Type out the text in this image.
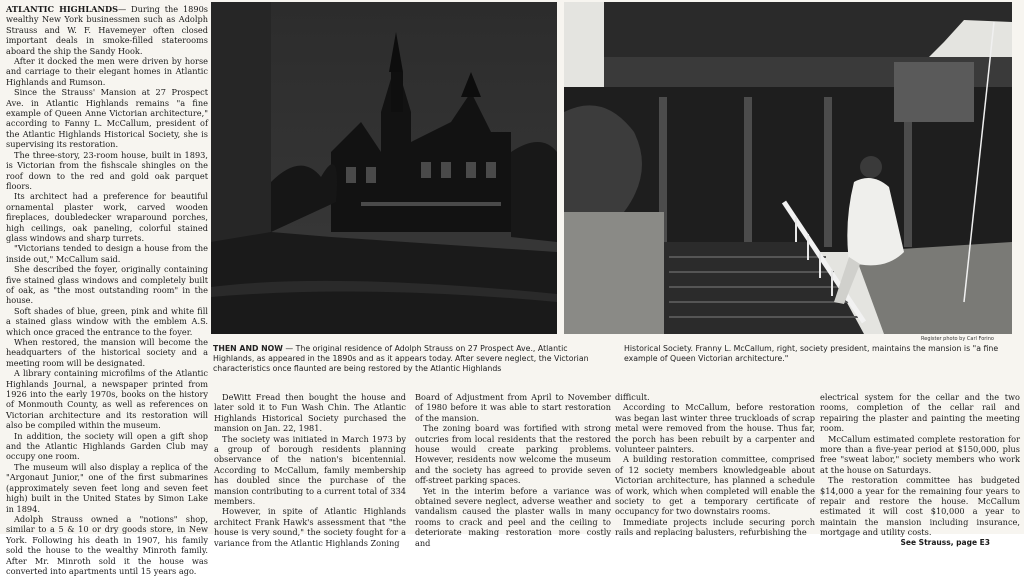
ATLANTIC HIGHLANDS— During the 1890s wealthy New York businessmen such as Adolph Strauss and W. F. Havemeyer often closed important deals in smoke-filled staterooms aboard the ship the Sandy Hook.

After it docked the men were driven by horse and carriage to their elegant homes in Atlantic Highlands and Rumson.

Since the Strauss' Mansion at 27 Prospect Ave. in Atlantic Highlands remains "a fine example of Queen Anne Victorian architecture," according to Fanny L. McCallum, president of the Atlantic Highlands Historical Society, she is supervising its restoration.

The three-story, 23-room house, built in 1893, is Victorian from the fishscale shingles on the roof down to the red and gold oak parquet floors.

Its architect had a preference for beautiful ornamental plaster work, carved wooden fireplaces, doubledecker wraparound porches, high ceilings, oak paneling, colorful stained glass windows and sharp turrets.

"Victorians tended to design a house from the inside out," McCallum said.

She described the foyer, originally containing five stained glass windows and completely built of oak, as "the most outstanding room" in the house.

Soft shades of blue, green, pink and white fill a stained glass window with the emblem A.S. which once graced the entrance to the foyer.

When restored, the mansion will become the headquarters of the historical society and a meeting room will be designated.

A library containing microfilms of the Atlantic Highlands Journal, a newspaper printed from 1926 into the early 1970s, books on the history of Monmouth County, as well as references on Victorian architecture and its restoration will also be compiled within the museum.

In addition, the society will open a gift shop and the Atlantic Highlands Garden Club may occupy one room.

The museum will also display a replica of the "Argonaut Junior," one of the first submarines (approximately seven feet long and seven feet high) built in the United States by Simon Lake in 1894.

Adolph Strauss owned a "notions" shop, similar to a 5 & 10 or dry goods store, in New York. Following his death in 1907, his family sold the house to the wealthy Minroth family. After Mr. Minroth sold it the house was converted into apartments until 15 years ago.

Register photo by Carl Forino
THEN AND NOW — The original residence of Adolph Strauss on 27 Prospect Ave., Atlantic Highlands, as appeared in the 1890s and as it appears today. After severe neglect, the Victorian characteristics once flaunted are being restored by the Atlantic Highlands
Historical Society. Franny L. McCallum, right, society president, maintains the mansion is "a fine example of Queen Victorian architecture."

DeWitt Fread then bought the house and later sold it to Fun Wash Chin. The Atlantic Highlands Historical Society purchased the mansion on Jan. 22, 1981.

The society was initiated in March 1973 by a group of borough residents planning observance of the nation's bicentennial. According to McCallum, family membership has doubled since the purchase of the mansion contributing to a current total of 334 members.

However, in spite of Atlantic Highlands architect Frank Hawk's assessment that "the house is very sound," the society fought for a variance from the Atlantic Highlands Zoning

Board of Adjustment from April to November of 1980 before it was able to start restoration of the mansion.

The zoning board was fortified with strong outcries from local residents that the restored house would create parking problems. However, residents now welcome the museum and the society has agreed to provide seven off-street parking spaces.

Yet in the interim before a variance was obtained severe neglect, adverse weather and vandalism caused the plaster walls in many rooms to crack and peel and the ceiling to deteriorate making restoration more costly and

difficult.

According to McCallum, before restoration was began last winter three truckloads of scrap metal were removed from the house. Thus far, the porch has been rebuilt by a carpenter and volunteer painters.

A building restoration committee, comprised of 12 society members knowledgeable about Victorian architecture, has planned a schedule of work, which when completed will enable the society to get a temporary certificate of occupancy for two downstairs rooms.

Immediate projects include securing porch rails and replacing balusters, refurbishing the

electrical system for the cellar and the two rooms, completion of the cellar rail and repairing the plaster and painting the meeting room.

McCallum estimated complete restoration for more than a five-year period at $150,000, plus free "sweat labor," society members who work at the house on Saturdays.

The restoration committee has budgeted $14,000 a year for the remaining four years to repair and restore the house. McCallum estimated it will cost $10,000 a year to maintain the mansion including insurance, mortgage and utility costs.

See Strauss, page E3
